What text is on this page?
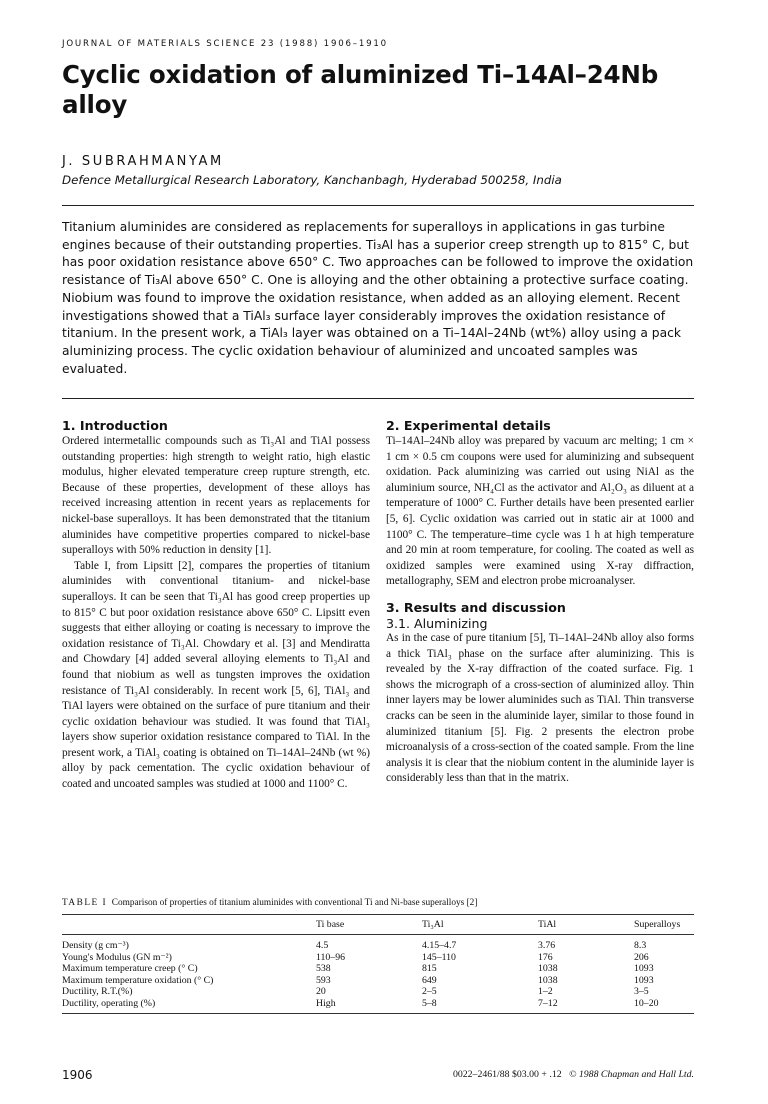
JOURNAL OF MATERIALS SCIENCE 23 (1988) 1906–1910
Cyclic oxidation of aluminized Ti–14Al–24Nb alloy
J. SUBRAHMANYAM
Defence Metallurgical Research Laboratory, Kanchanbagh, Hyderabad 500258, India

Titanium aluminides are considered as replacements for superalloys in applications in gas turbine engines because of their outstanding properties. Ti₃Al has a superior creep strength up to 815° C, but has poor oxidation resistance above 650° C. Two approaches can be followed to improve the oxidation resistance of Ti₃Al above 650° C. One is alloying and the other obtaining a protective surface coating. Niobium was found to improve the oxidation resistance, when added as an alloying element. Recent investigations showed that a TiAl₃ surface layer considerably improves the oxidation resistance of titanium. In the present work, a TiAl₃ layer was obtained on a Ti–14Al–24Nb (wt%) alloy using a pack aluminizing process. The cyclic oxidation behaviour of aluminized and uncoated samples was evaluated.

1. Introduction

Ordered intermetallic compounds such as Ti₃Al and TiAl possess outstanding properties: high strength to weight ratio, high elastic modulus, higher elevated temperature creep rupture strength, etc. Because of these properties, development of these alloys has received increasing attention in recent years as replacements for nickel-base superalloys. It has been demonstrated that the titanium aluminides have competitive properties compared to nickel-base superalloys with 50% reduction in density [1].

Table I, from Lipsitt [2], compares the properties of titanium aluminides with conventional titanium- and nickel-base superalloys. It can be seen that Ti₃Al has good creep properties up to 815° C but poor oxidation resistance above 650° C. Lipsitt even suggests that either alloying or coating is necessary to improve the oxidation resistance of Ti₃Al. Chowdary et al. [3] and Mendiratta and Chowdary [4] added several alloying elements to Ti₃Al and found that niobium as well as tungsten improves the oxidation resistance of Ti₃Al considerably. In recent work [5, 6], TiAl₃ and TiAl layers were obtained on the surface of pure titanium and their cyclic oxidation behaviour was studied. It was found that TiAl₃ layers show superior oxidation resistance compared to TiAl. In the present work, a TiAl₃ coating is obtained on Ti–14Al–24Nb (wt %) alloy by pack cementation. The cyclic oxidation behaviour of coated and uncoated samples was studied at 1000 and 1100° C.

2. Experimental details

Ti–14Al–24Nb alloy was prepared by vacuum arc melting; 1 cm × 1 cm × 0.5 cm coupons were used for aluminizing and subsequent oxidation. Pack aluminizing was carried out using NiAl as the aluminium source, NH₄Cl as the activator and Al₂O₃ as diluent at a temperature of 1000° C. Further details have been presented earlier [5, 6]. Cyclic oxidation was carried out in static air at 1000 and 1100° C. The temperature–time cycle was 1 h at high temperature and 20 min at room temperature, for cooling. The coated as well as oxidized samples were examined using X-ray diffraction, metallography, SEM and electron probe microanalyser.

3. Results and discussion
3.1. Aluminizing

As in the case of pure titanium [5], Ti–14Al–24Nb alloy also forms a thick TiAl₃ phase on the surface after aluminizing. This is revealed by the X-ray diffraction of the coated surface. Fig. 1 shows the micrograph of a cross-section of aluminized alloy. Thin inner layers may be lower aluminides such as TiAl. Thin transverse cracks can be seen in the aluminide layer, similar to those found in aluminized titanium [5]. Fig. 2 presents the electron probe microanalysis of a cross-section of the coated sample. From the line analysis it is clear that the niobium content in the aluminide layer is considerably less than that in the matrix.

TABLE I Comparison of properties of titanium aluminides with conventional Ti and Ni-base superalloys [2]
	Ti base	Ti₃Al	TiAl	Superalloys
Density (g cm⁻³)	4.5	4.15–4.7	3.76	8.3
Young's Modulus (GN m⁻²)	110–96	145–110	176	206
Maximum temperature creep (° C)	538	815	1038	1093
Maximum temperature oxidation (° C)	593	649	1038	1093
Ductility, R.T.(%)	20	2–5	1–2	3–5
Ductility, operating (%)	High	5–8	7–12	10–20
1906	0022–2461/88 $03.00 + .12 © 1988 Chapman and Hall Ltd.
